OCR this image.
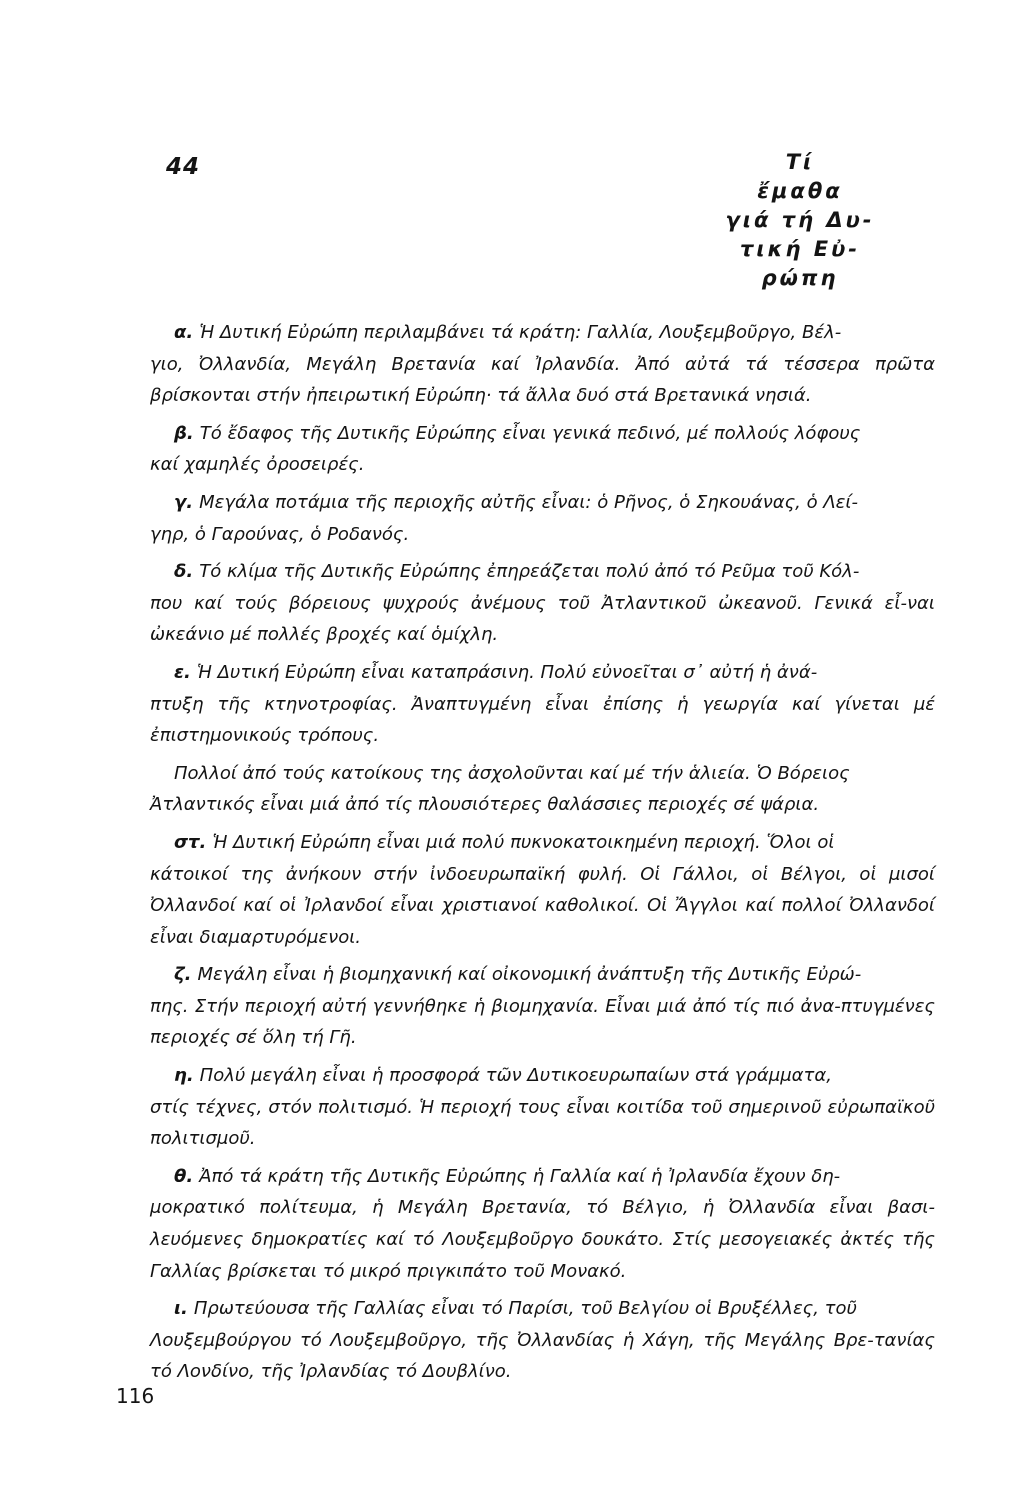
44	Τί
ἔμαθα
γιά τή Δυ-
τική Εὐ-
ρώπη
α. Ἡ Δυτική Εὐρώπη περιλαμβάνει τά κράτη: Γαλλία, Λουξεμβοῦργο, Βέλ-
γιο, Ὀλλανδία, Μεγάλη Βρετανία καί Ἰρλανδία. Ἀπό αὐτά τά τέσσερα πρῶτα βρίσκονται στήν ἠπειρωτική Εὐρώπη· τά ἄλλα δυό στά Βρετανικά νησιά.
β. Τό ἔδαφος τῆς Δυτικῆς Εὐρώπης εἶναι γενικά πεδινό, μέ πολλούς λόφους
καί χαμηλές ὀροσειρές.
γ. Μεγάλα ποτάμια τῆς περιοχῆς αὐτῆς εἶναι: ὁ Ρῆνος, ὁ Σηκουάνας, ὁ Λεί-
γηρ, ὁ Γαρούνας, ὁ Ροδανός.
δ. Τό κλίμα τῆς Δυτικῆς Εὐρώπης ἐπηρεάζεται πολύ ἀπό τό Ρεῦμα τοῦ Κόλ-
που καί τούς βόρειους ψυχρούς ἀνέμους τοῦ Ἀτλαντικοῦ ὠκεανοῦ. Γενικά εἶ-ναι ὠκεάνιο μέ πολλές βροχές καί ὁμίχλη.
ε. Ἡ Δυτική Εὐρώπη εἶναι καταπράσινη. Πολύ εὐνοεῖται σ᾽ αὐτή ἡ ἀνά-
πτυξη τῆς κτηνοτροφίας. Ἀναπτυγμένη εἶναι ἐπίσης ἡ γεωργία καί γίνεται μέ ἐπιστημονικούς τρόπους.
Πολλοί ἀπό τούς κατοίκους της ἀσχολοῦνται καί μέ τήν ἁλιεία. Ὁ Βόρειος
Ἀτλαντικός εἶναι μιά ἀπό τίς πλουσιότερες θαλάσσιες περιοχές σέ ψάρια.
στ. Ἡ Δυτική Εὐρώπη εἶναι μιά πολύ πυκνοκατοικημένη περιοχή. Ὅλοι οἱ
κάτοικοί της ἀνήκουν στήν ἰνδοευρωπαϊκή φυλή. Οἱ Γάλλοι, οἱ Βέλγοι, οἱ μισοί Ὀλλανδοί καί οἱ Ἰρλανδοί εἶναι χριστιανοί καθολικοί. Οἱ Ἄγγλοι καί πολλοί Ὀλλανδοί εἶναι διαμαρτυρόμενοι.
ζ. Μεγάλη εἶναι ἡ βιομηχανική καί οἰκονομική ἀνάπτυξη τῆς Δυτικῆς Εὐρώ-
πης. Στήν περιοχή αὐτή γεννήθηκε ἡ βιομηχανία. Εἶναι μιά ἀπό τίς πιό ἀνα-πτυγμένες περιοχές σέ ὅλη τή Γῆ.
η. Πολύ μεγάλη εἶναι ἡ προσφορά τῶν Δυτικοευρωπαίων στά γράμματα,
στίς τέχνες, στόν πολιτισμό. Ἡ περιοχή τους εἶναι κοιτίδα τοῦ σημερινοῦ εὐρωπαϊκοῦ πολιτισμοῦ.
θ. Ἀπό τά κράτη τῆς Δυτικῆς Εὐρώπης ἡ Γαλλία καί ἡ Ἰρλανδία ἔχουν δη-
μοκρατικό πολίτευμα, ἡ Μεγάλη Βρετανία, τό Βέλγιο, ἡ Ὀλλανδία εἶναι βασι-λευόμενες δημοκρατίες καί τό Λουξεμβοῦργο δουκάτο. Στίς μεσογειακές ἀκτές τῆς Γαλλίας βρίσκεται τό μικρό πριγκιπάτο τοῦ Μονακό.
ι. Πρωτεύουσα τῆς Γαλλίας εἶναι τό Παρίσι, τοῦ Βελγίου οἱ Βρυξέλλες, τοῦ
Λουξεμβούργου τό Λουξεμβοῦργο, τῆς Ὀλλανδίας ἡ Χάγη, τῆς Μεγάλης Βρε-τανίας τό Λονδίνο, τῆς Ἰρλανδίας τό Δουβλίνο.
116
